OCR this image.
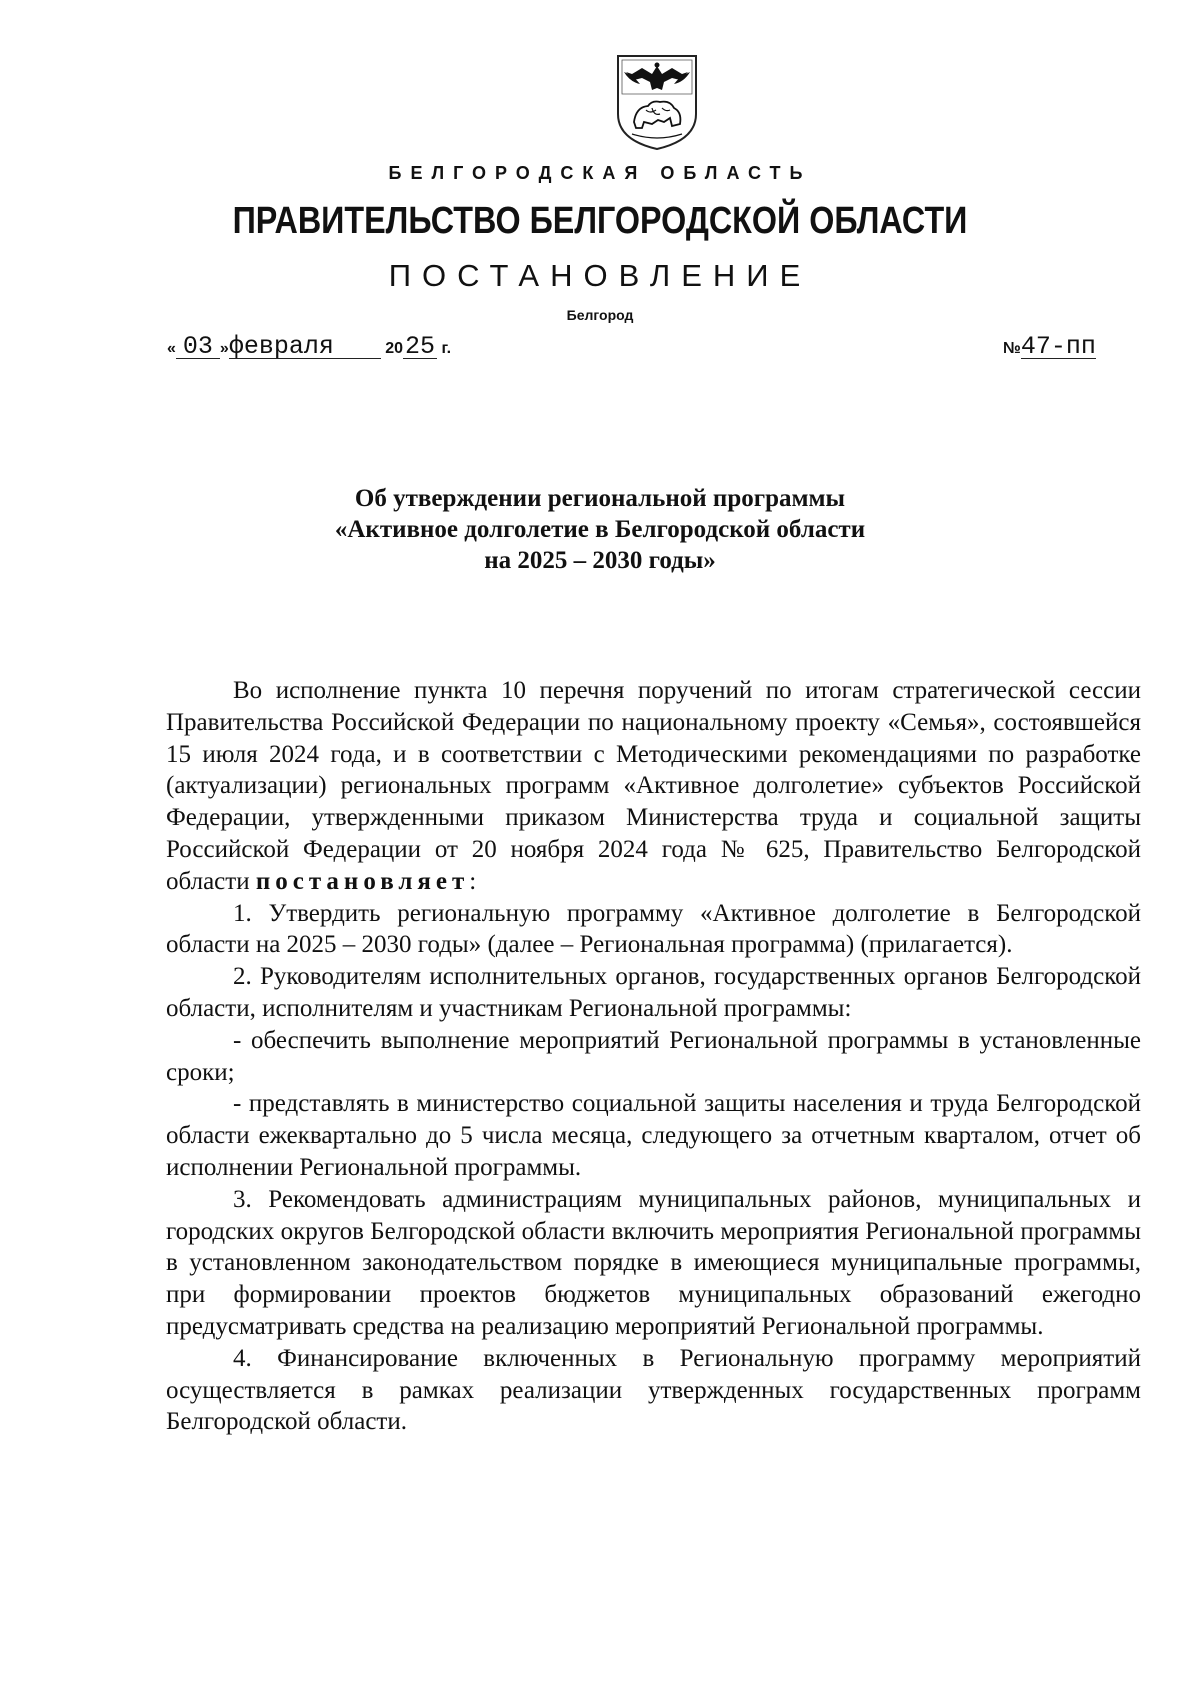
БЕЛГОРОДСКАЯ ОБЛАСТЬ
ПРАВИТЕЛЬСТВО БЕЛГОРОДСКОЙ ОБЛАСТИ
ПОСТАНОВЛЕНИЕ
Белгород
« 03 »февраля	2025 г.	№47-пп
Об утверждении региональной программы
«Активное долголетие в Белгородской области
на 2025 – 2030 годы»

Во исполнение пункта 10 перечня поручений по итогам стратегической сессии Правительства Российской Федерации по национальному проекту «Семья», состоявшейся 15 июля 2024 года, и в соответствии с Методическими рекомендациями по разработке (актуализации) региональных программ «Активное долголетие» субъектов Российской Федерации, утвержденными приказом Министерства труда и социальной защиты Российской Федерации от 20 ноября 2024 года № 625, Правительство Белгородской области постановляет:

1. Утвердить региональную программу «Активное долголетие в Белгородской области на 2025 – 2030 годы» (далее – Региональная программа) (прилагается).

2. Руководителям исполнительных органов, государственных органов Белгородской области, исполнителям и участникам Региональной программы:

- обеспечить выполнение мероприятий Региональной программы в установленные сроки;

- представлять в министерство социальной защиты населения и труда Белгородской области ежеквартально до 5 числа месяца, следующего за отчетным кварталом, отчет об исполнении Региональной программы.

3. Рекомендовать администрациям муниципальных районов, муниципальных и городских округов Белгородской области включить мероприятия Региональной программы в установленном законодательством порядке в имеющиеся муниципальные программы, при формировании проектов бюджетов муниципальных образований ежегодно предусматривать средства на реализацию мероприятий Региональной программы.

4. Финансирование включенных в Региональную программу мероприятий осуществляется в рамках реализации утвержденных государственных программ Белгородской области.
